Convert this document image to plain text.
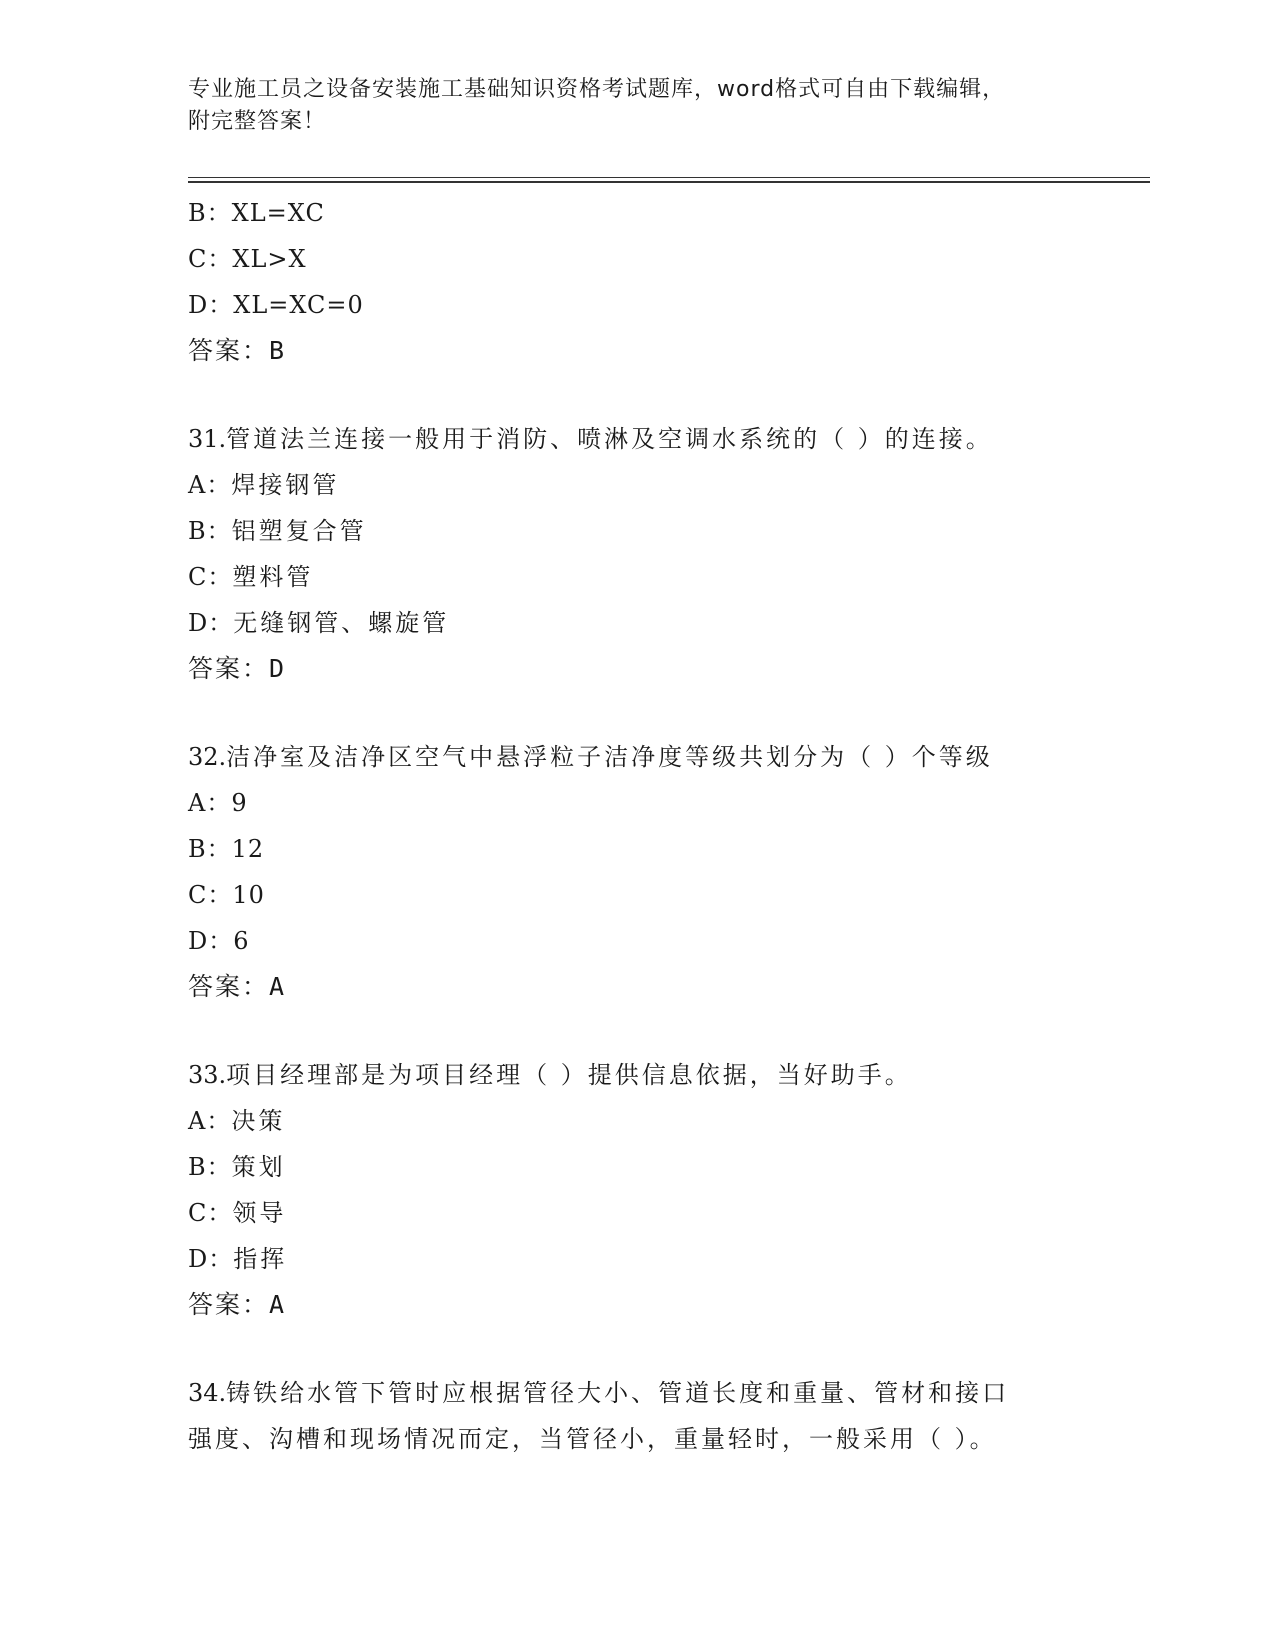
专业施工员之设备安装施工基础知识资格考试题库，word格式可自由下载编辑，
附完整答案！
B：XL=XC
C：XL>X
D：XL=XC=0
答案：B
31.管道法兰连接一般用于消防、喷淋及空调水系统的（ ）的连接。
A：焊接钢管
B：铝塑复合管
C：塑料管
D：无缝钢管、螺旋管
答案：D
32.洁净室及洁净区空气中悬浮粒子洁净度等级共划分为（ ）个等级
A：9
B：12
C：10
D：6
答案：A
33.项目经理部是为项目经理（ ）提供信息依据，当好助手。
A：决策
B：策划
C：领导
D：指挥
答案：A
34.铸铁给水管下管时应根据管径大小、管道长度和重量、管材和接口
强度、沟槽和现场情况而定，当管径小，重量轻时，一般采用（ ）。
